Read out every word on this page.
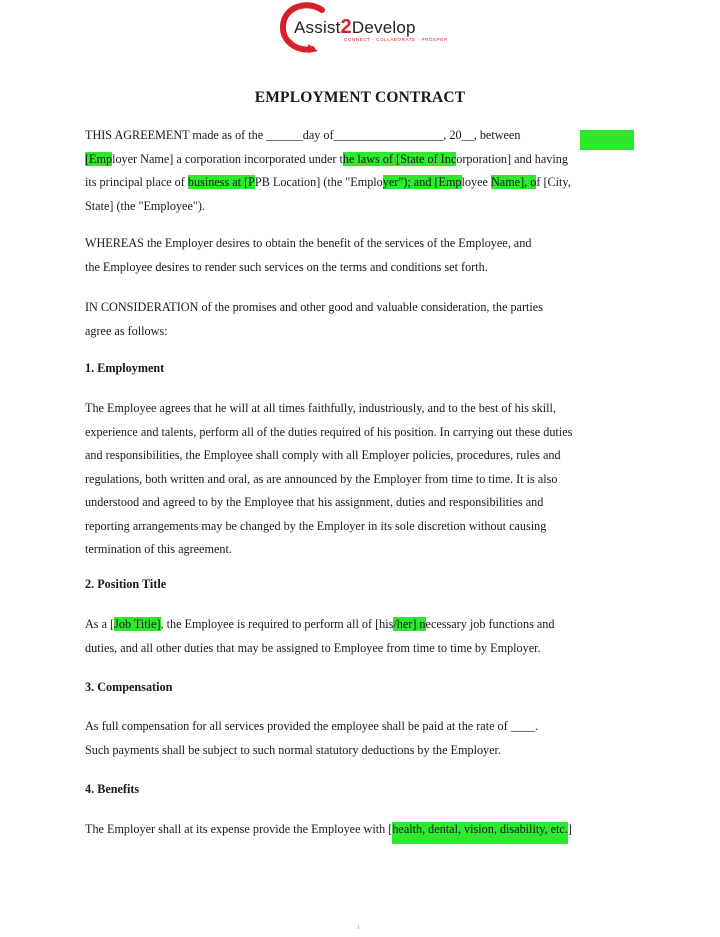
Assist2Develop
CONNECT · COLLABORATE · PROSPER
EMPLOYMENT CONTRACT
THIS AGREEMENT made as of the ______day of__________________, 20__, between
[Employer Name] a corporation incorporated under the laws of [State of Incorporation] and having
its principal place of business at [PPB Location] (the "Employer"); and [Employee Name], of [City,
State] (the "Employee").
WHEREAS the Employer desires to obtain the benefit of the services of the Employee, and
the Employee desires to render such services on the terms and conditions set forth.
IN CONSIDERATION of the promises and other good and valuable consideration, the parties
agree as follows:
1. Employment
The Employee agrees that he will at all times faithfully, industriously, and to the best of his skill,
experience and talents, perform all of the duties required of his position. In carrying out these duties
and responsibilities, the Employee shall comply with all Employer policies, procedures, rules and
regulations, both written and oral, as are announced by the Employer from time to time. It is also
understood and agreed to by the Employee that his assignment, duties and responsibilities and
reporting arrangements may be changed by the Employer in its sole discretion without causing
termination of this agreement.
2. Position Title
As a [Job Title], the Employee is required to perform all of [his/her] necessary job functions and
duties, and all other duties that may be assigned to Employee from time to time by Employer.
3. Compensation
As full compensation for all services provided the employee shall be paid at the rate of ____.
Such payments shall be subject to such normal statutory deductions by the Employer.
4. Benefits
The Employer shall at its expense provide the Employee with [health, dental, vision, disability, etc.]
1
